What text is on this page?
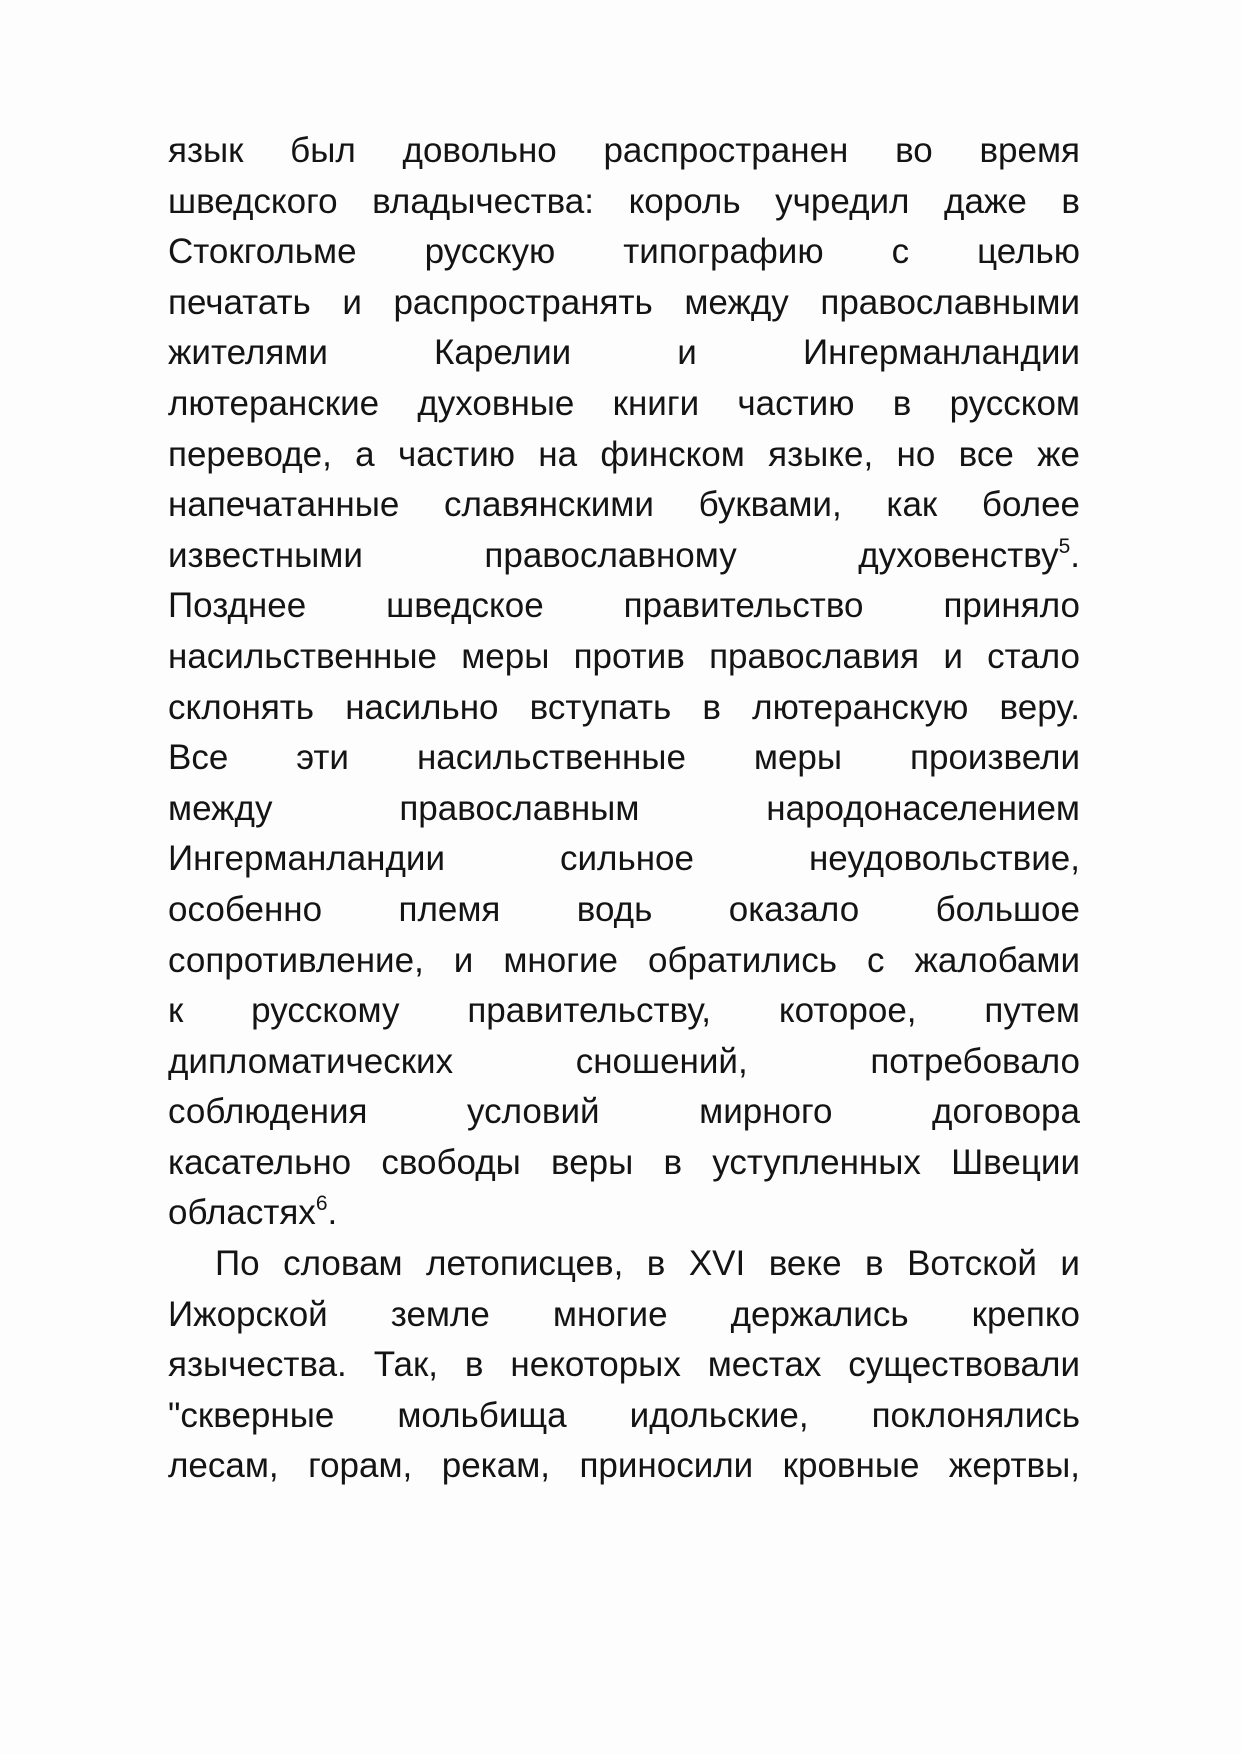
язык был довольно распространен во время
шведского владычества: король учредил даже в
Стокгольме русскую типографию с целью
печатать и распространять между православными
жителями Карелии и Ингерманландии
лютеранские духовные книги частию в русском
переводе, а частию на финском языке, но все же
напечатанные славянскими буквами, как более
известными православному духовенству$^5$.
Позднее шведское правительство приняло
насильственные меры против православия и стало
склонять насильно вступать в лютеранскую веру.
Все эти насильственные меры произвели
между православным народонаселением
Ингерманландии сильное неудовольствие,
особенно племя водь оказало большое
сопротивление, и многие обратились с жалобами
к русскому правительству, которое, путем
дипломатических сношений, потребовало
соблюдения условий мирного договора
касательно свободы веры в уступленных Швеции
областях$^6$.
По словам летописцев, в XVI веке в Вотской и
Ижорской земле многие держались крепко
язычества. Так, в некоторых местах существовали
"скверные мольбища идольские, поклонялись
лесам, горам, рекам, приносили кровные жертвы,
